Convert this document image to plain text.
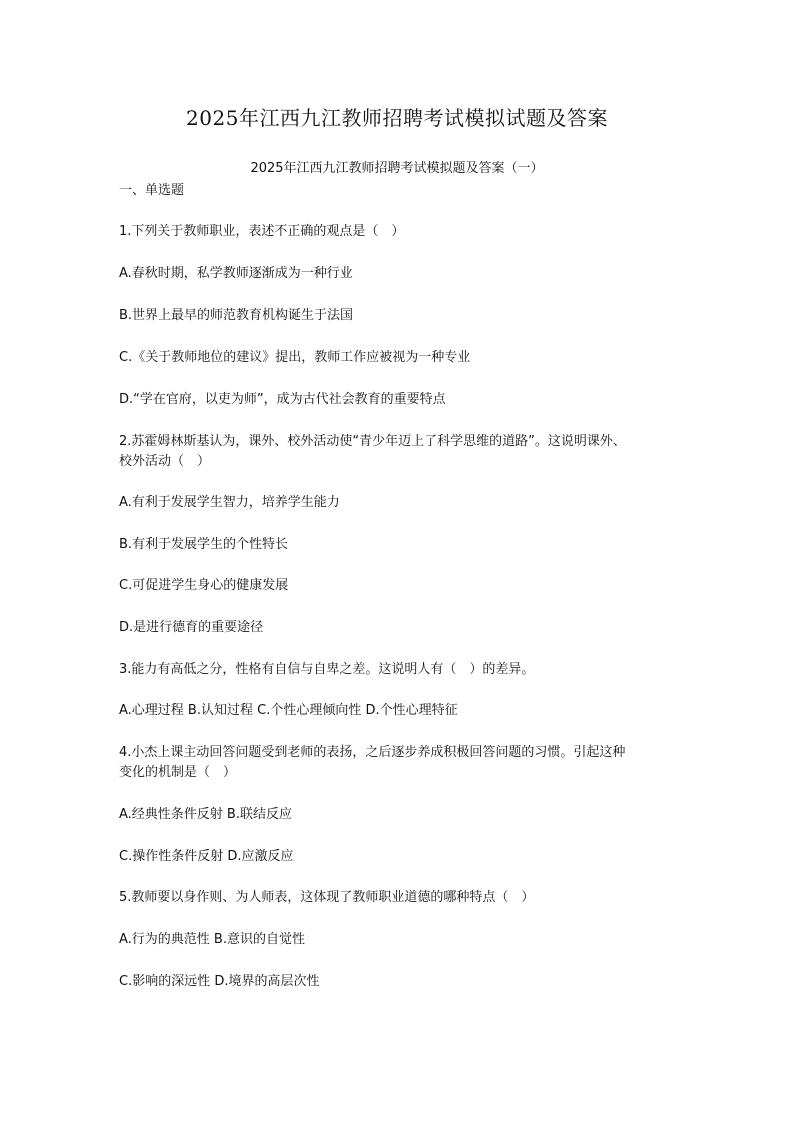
2025年江西九江教师招聘考试模拟试题及答案
2025年江西九江教师招聘考试模拟题及答案（一）
一、单选题
1.下列关于教师职业，表述不正确的观点是（　）
A.春秋时期，私学教师逐渐成为一种行业
B.世界上最早的师范教育机构诞生于法国
C.《关于教师地位的建议》提出，教师工作应被视为一种专业
D.“学在官府，以吏为师”，成为古代社会教育的重要特点
2.苏霍姆林斯基认为，课外、校外活动使“青少年迈上了科学思维的道路”。这说明课外、
校外活动（　）
A.有利于发展学生智力，培养学生能力
B.有利于发展学生的个性特长
C.可促进学生身心的健康发展
D.是进行德育的重要途径
3.能力有高低之分，性格有自信与自卑之差。这说明人有（　）的差异。
A.心理过程 B.认知过程 C.个性心理倾向性 D.个性心理特征
4.小杰上课主动回答问题受到老师的表扬，之后逐步养成积极回答问题的习惯。引起这种
变化的机制是（　）
A.经典性条件反射 B.联结反应
C.操作性条件反射 D.应激反应
5.教师要以身作则、为人师表，这体现了教师职业道德的哪种特点（　）
A.行为的典范性 B.意识的自觉性
C.影响的深远性 D.境界的高层次性
